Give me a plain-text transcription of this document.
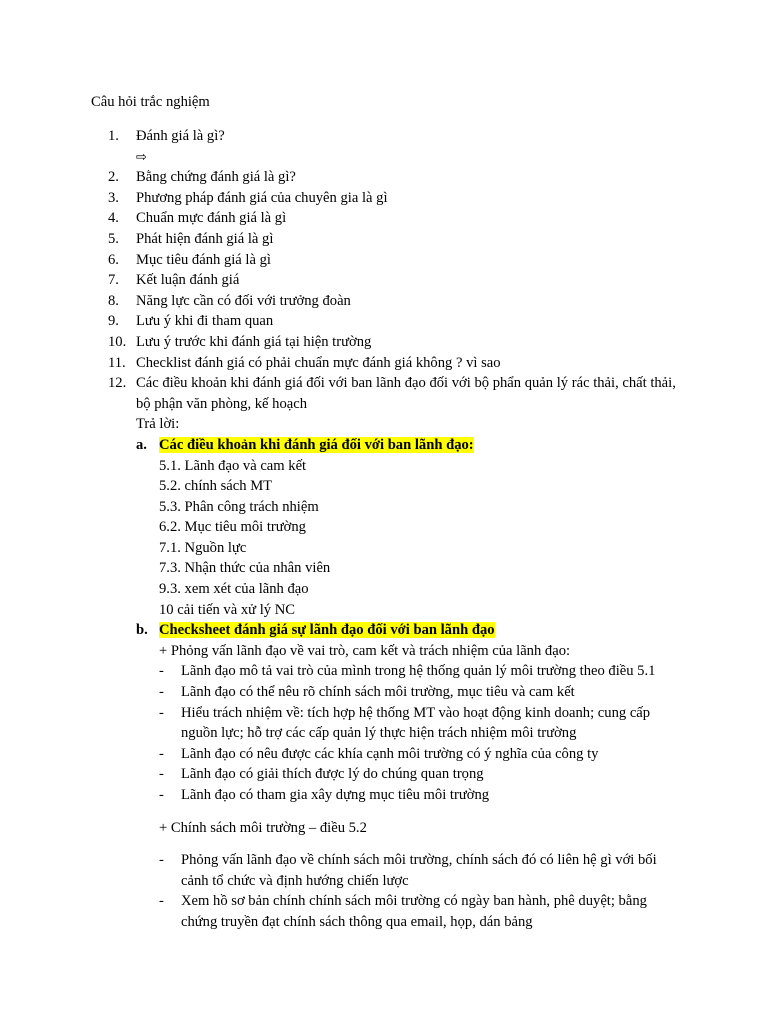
Câu hỏi trắc nghiệm
1.	Đánh giá là gì?
⇨
2.	Bằng chứng đánh giá là gì?
3.	Phương pháp đánh giá của chuyên gia là gì
4.	Chuẩn mực đánh giá là gì
5.	Phát hiện đánh giá là gì
6.	Mục tiêu đánh giá là gì
7.	Kết luận đánh giá
8.	Năng lực cần có đối với trưởng đoàn
9.	Lưu ý khi đi tham quan
10. Lưu ý trước khi đánh giá tại hiện trường
11. Checklist đánh giá có phải chuẩn mực đánh giá không ? vì sao
12. Các điều khoản khi đánh giá đối với ban lãnh đạo đối với bộ phẩn quản lý rác thải, chất thải, bộ phận văn phòng, kế hoạch
Trả lời:
a. Các điều khoản khi đánh giá đối với ban lãnh đạo:
5.1. Lãnh đạo và cam kết
5.2. chính sách MT
5.3. Phân công trách nhiệm
6.2. Mục tiêu môi trường
7.1. Nguồn lực
7.3. Nhận thức của nhân viên
9.3. xem xét của lãnh đạo
10 cải tiến và xử lý NC
b. Checksheet đánh giá sự lãnh đạo đối với ban lãnh đạo
+ Phỏng vấn lãnh đạo về vai trò, cam kết và trách nhiệm của lãnh đạo:
- Lãnh đạo mô tả vai trò của mình trong hệ thống quản lý môi trường theo điều 5.1
- Lãnh đạo có thể nêu rõ chính sách môi trường, mục tiêu và cam kết
- Hiểu trách nhiệm về: tích hợp hệ thống MT vào hoạt động kinh doanh; cung cấp nguồn lực; hỗ trợ các cấp quản lý thực hiện trách nhiệm môi trường
- Lãnh đạo có nêu được các khía cạnh môi trường có ý nghĩa của công ty
- Lãnh đạo có giải thích được lý do chúng quan trọng
- Lãnh đạo có tham gia xây dựng mục tiêu môi trường
+ Chính sách môi trường – điều 5.2
- Phỏng vấn lãnh đạo về chính sách môi trường, chính sách đó có liên hệ gì với bối cảnh tổ chức và định hướng chiến lược
- Xem hồ sơ bản chính chính sách môi trường có ngày ban hành, phê duyệt; bằng chứng truyền đạt chính sách thông qua email, họp, dán bảng
